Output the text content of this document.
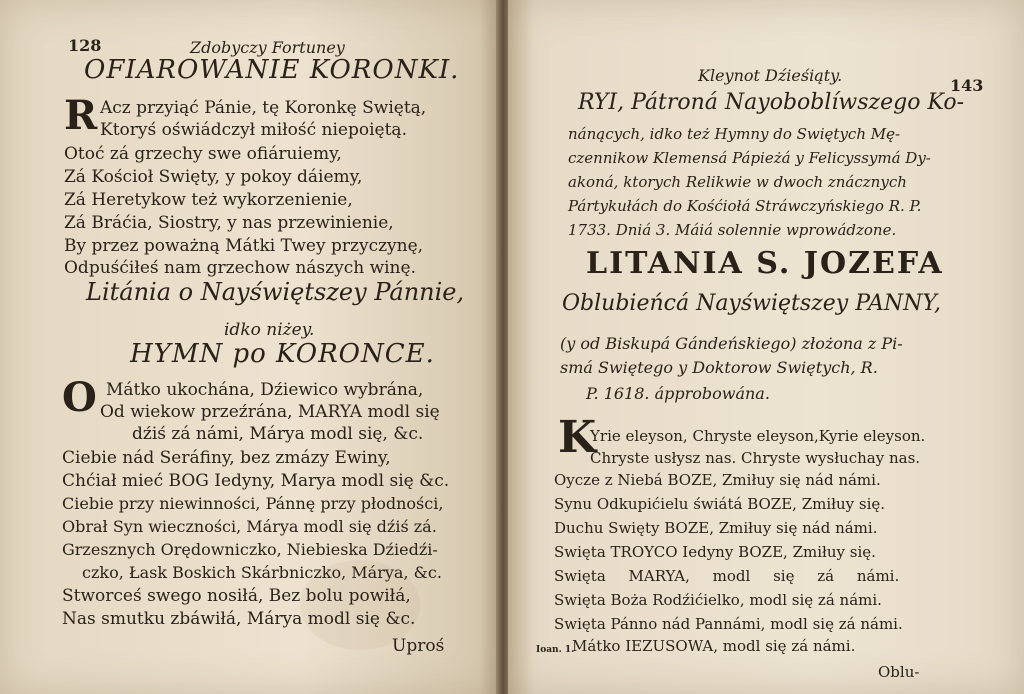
128	Zdobyczy Fortuney
OFIAROWANIE KORONKI.
R Acz przyiąć Pánie, tę Koronkę Swiętą,
Ktoryś oświádczył miłość niepoiętą.
Otoć zá grzechy swe ofiáruiemy,
Zá Kościoł Swięty, y pokoy dáiemy,
Zá Heretykow też wykorzenienie,
Zá Bráćia, Siostry, y nas przewinienie,
By przez poważną Mátki Twey przyczynę,
Odpuśćiłeś nam grzechow nászych winę.
Litánia o Nayświętszey Pánnie,
idko niżey.
HYMN po KORONCE.
O Mátko ukochána, Dźiewico wybrána,
Od wiekow przeźrána, MARYA modl się
dźiś zá námi, Márya modl się, &c.
Ciebie nád Seráfiny, bez zmázy Ewiny,
Chćiał mieć BOG Iedyny, Marya modl się &c.
Ciebie przy niewinności, Pánnę przy płodności,
Obrał Syn wieczności, Márya modl się dźiś zá.
Grzesznych Orędowniczko, Niebieska Dźiedźi-
czko, Łask Boskich Skárbniczko, Márya, &c.
Stworceś swego nosiłá, Bez bolu powiłá,
Nas smutku zbáwiłá, Márya modl się &c.
Uproś
Kleynot Dźieśiąty.
143
RYI, Pátroná Nayoboblíwszego Ko-
nánących, idko też Hymny do Swiętych Mę-
czennikow Klemensá Pápieżá y Felicyssymá Dy-
akoná, ktorych Relikwie w dwoch znácznych
Pártykułách do Kośćiołá Stráwczyńskiego R. P.
1733. Dniá 3. Máiá solennie wprowádzone.
LITANIA S. JOZEFA
Oblubieńcá Nayświętszey PANNY,
(y od Biskupá Gándeńskiego) złożona z Pi-
smá Swiętego y Doktorow Swiętych, R.
P. 1618. ápprobowána.
K
Yrie eleyson, Chryste eleyson,Kyrie eleyson.
Chryste usłysz nas. Chryste wysłuchay nas.
Oycze z Niebá BOZE, Zmiłuy się nád námi.
Synu Odkupićielu świátá BOZE, Zmiłuy się.
Duchu Swięty BOZE, Zmiłuy się nád námi.
Swięta TROYCO Iedyny BOZE, Zmiłuy się.
Swięta MARYA, modl się zá námi.
Swięta Boża Rodźićielko, modl się zá námi.
Swięta Pánno nád Pannámi, modl się zá námi.
Ioan. 1.
Mátko IEZUSOWA, modl się zá námi.
Oblu-
